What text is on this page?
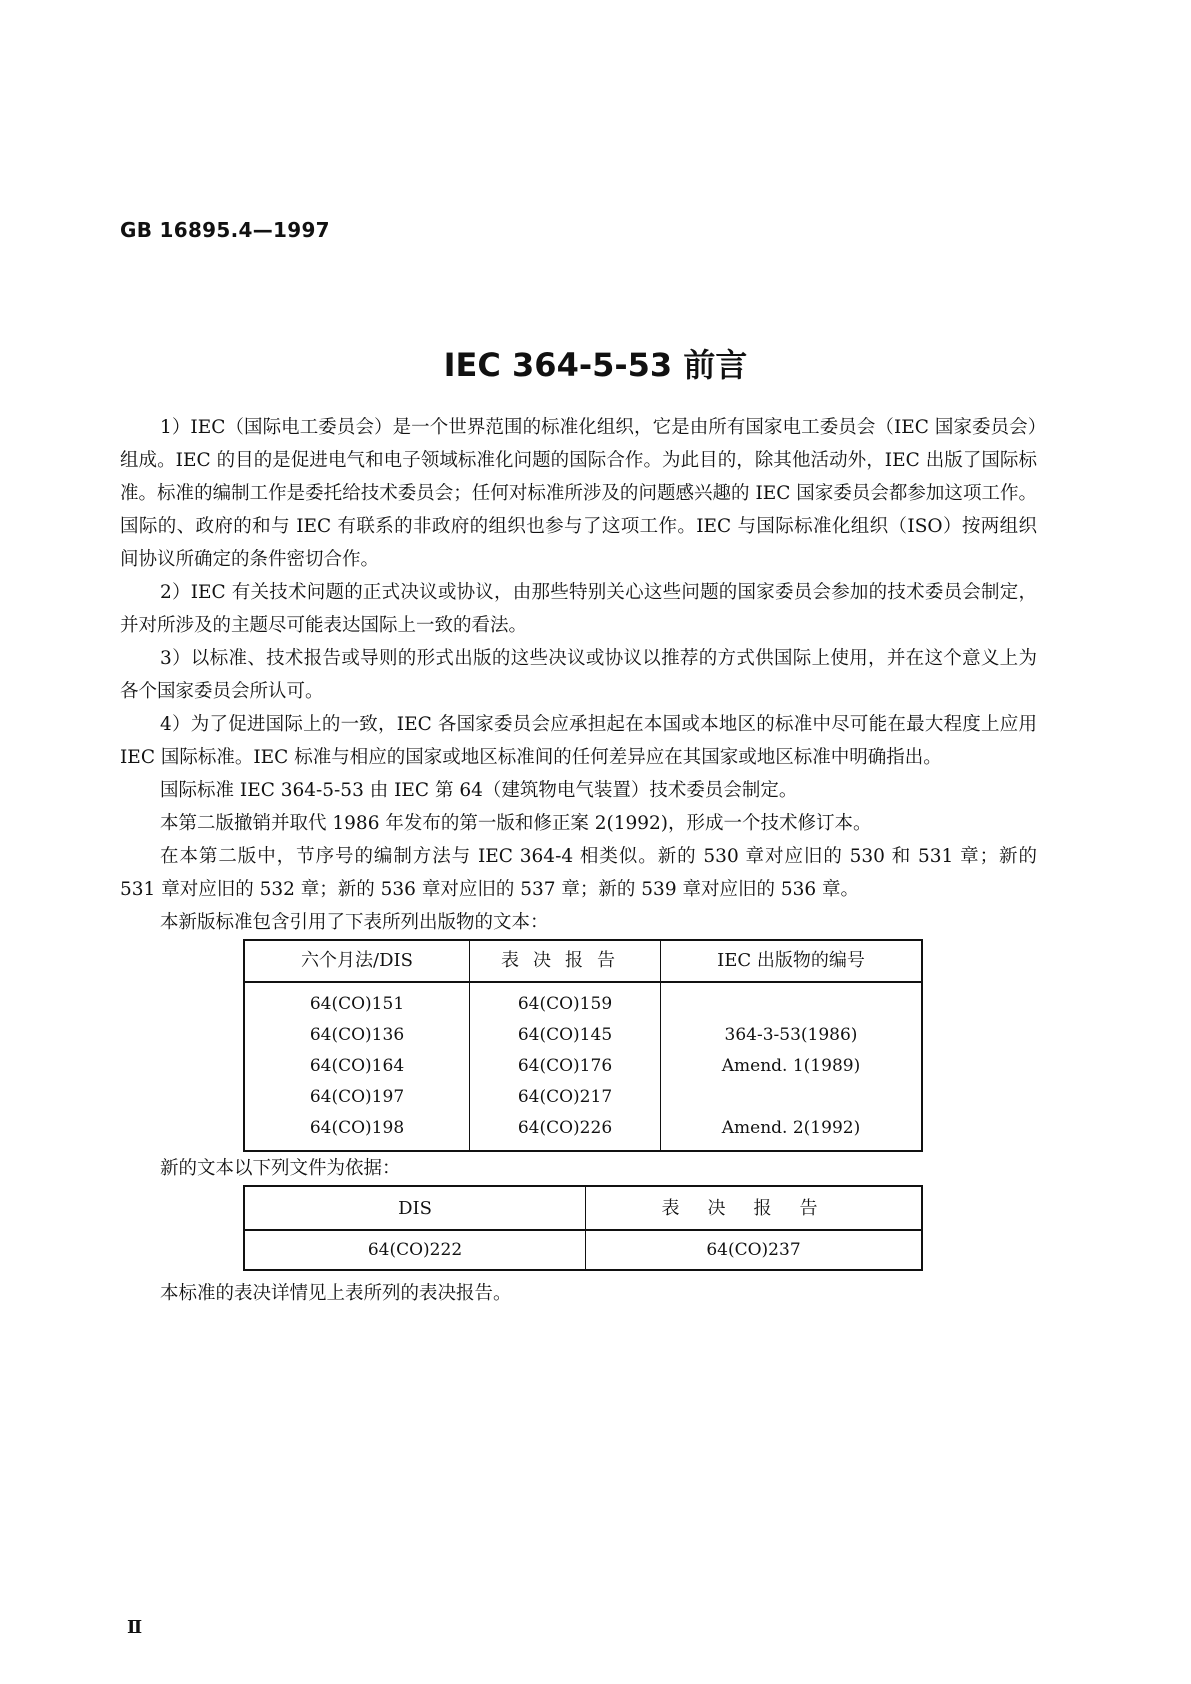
GB 16895.4—1997
IEC 364-5-53 前言

1）IEC（国际电工委员会）是一个世界范围的标准化组织，它是由所有国家电工委员会（IEC 国家委员会）组成。IEC 的目的是促进电气和电子领域标准化问题的国际合作。为此目的，除其他活动外，IEC 出版了国际标准。标准的编制工作是委托给技术委员会；任何对标准所涉及的问题感兴趣的 IEC 国家委员会都参加这项工作。国际的、政府的和与 IEC 有联系的非政府的组织也参与了这项工作。IEC 与国际标准化组织（ISO）按两组织间协议所确定的条件密切合作。

2）IEC 有关技术问题的正式决议或协议，由那些特别关心这些问题的国家委员会参加的技术委员会制定，并对所涉及的主题尽可能表达国际上一致的看法。

3）以标准、技术报告或导则的形式出版的这些决议或协议以推荐的方式供国际上使用，并在这个意义上为各个国家委员会所认可。

4）为了促进国际上的一致，IEC 各国家委员会应承担起在本国或本地区的标准中尽可能在最大程度上应用 IEC 国际标准。IEC 标准与相应的国家或地区标准间的任何差异应在其国家或地区标准中明确指出。

国际标准 IEC 364-5-53 由 IEC 第 64（建筑物电气装置）技术委员会制定。

本第二版撤销并取代 1986 年发布的第一版和修正案 2(1992)，形成一个技术修订本。

在本第二版中，节序号的编制方法与 IEC 364-4 相类似。新的 530 章对应旧的 530 和 531 章；新的 531 章对应旧的 532 章；新的 536 章对应旧的 537 章；新的 539 章对应旧的 536 章。

本新版标准包含引用了下表所列出版物的文本：

六个月法/DIS	表决报告	IEC 出版物的编号
64(CO)151	64(CO)159	
64(CO)136	64(CO)145	364-3-53(1986)
64(CO)164	64(CO)176	Amend. 1(1989)
64(CO)197	64(CO)217	
64(CO)198	64(CO)226	Amend. 2(1992)

新的文本以下列文件为依据：

DIS	表决报告
64(CO)222	64(CO)237

本标准的表决详情见上表所列的表决报告。

Ⅱ
